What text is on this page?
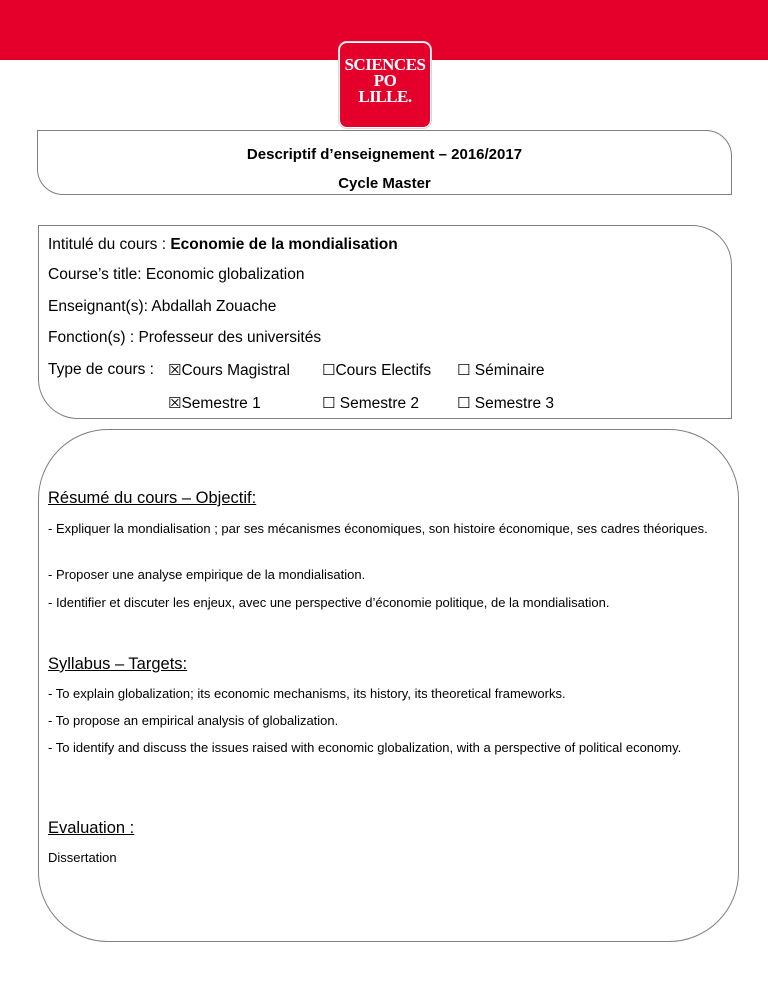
SCIENCES
PO
LILLE.
Descriptif d’enseignement – 2016/2017
Cycle Master
Intitulé du cours : Economie de la mondialisation
Course’s title: Economic globalization
Enseignant(s): Abdallah Zouache
Fonction(s) : Professeur des universités
Type de cours : ☒Cours Magistral ☐Cours Electifs ☐ Séminaire
☒Semestre 1	☐ Semestre 2	☐ Semestre 3
Résumé du cours – Objectif:
- Expliquer la mondialisation ; par ses mécanismes économiques, son histoire économique, ses cadres théoriques.
- Proposer une analyse empirique de la mondialisation.
- Identifier et discuter les enjeux, avec une perspective d’économie politique, de la mondialisation.
Syllabus – Targets:
- To explain globalization; its economic mechanisms, its history, its theoretical frameworks.
- To propose an empirical analysis of globalization.
- To identify and discuss the issues raised with economic globalization, with a perspective of political economy.
Evaluation :
Dissertation
